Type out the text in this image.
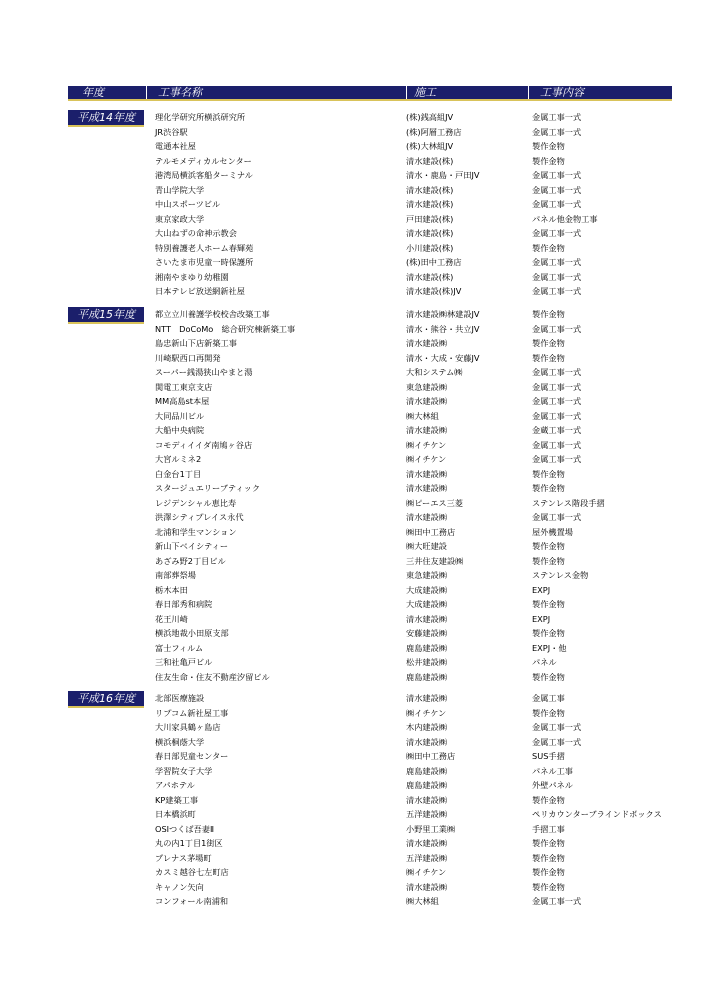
年度	工事名称	施工	工事内容
平成14年度	理化学研究所横浜研究所	(株)銭高組JV	金属工事一式
JR渋谷駅	(株)阿層工務店	金属工事一式
電通本社屋	(株)大林組JV	製作金物
テルモメディカルセンター	清水建設(株)	製作金物
港湾局横浜客船ターミナル	清水・鹿島・戸田JV	金属工事一式
青山学院大学	清水建設(株)	金属工事一式
中山スポーツビル	清水建設(株)	金属工事一式
東京家政大学	戸田建設(株)	パネル他金物工事
大山ねずの命神示教会	清水建設(株)	金属工事一式
特別養護老人ホーム春輝苑	小川建設(株)	製作金物
さいたま市児童一時保護所	(株)田中工務店	金属工事一式
湘南やまゆり幼稚園	清水建設(株)	金属工事一式
日本テレビ放送網新社屋	清水建設(株)JV	金属工事一式
平成15年度	都立立川養護学校校舎改築工事	清水建設㈱林建設JV	製作金物
NTT　DoCoMo　総合研究棟新築工事	清水・熊谷・共立JV	金属工事一式
島忠新山下店新築工事	清水建設㈱	製作金物
川崎駅西口再開発	清水・大成・安藤JV	製作金物
スーパー銭湯狭山やまと湯	大和システム㈱	金属工事一式
関電工東京支店	東急建設㈱	金属工事一式
MM高島st本屋	清水建設㈱	金属工事一式
大同品川ビル	㈱大林組	金属工事一式
大船中央病院	清水建設㈱	金蔵工事一式
コモディイイダ南鳩ヶ谷店	㈱イチケン	金属工事一式
大宮ルミネ2	㈱イチケン	金属工事一式
白金台1丁目	清水建設㈱	製作金物
スタージュエリーブティック	清水建設㈱	製作金物
レジデンシャル恵比寿	㈱ピーエス三菱	ステンレス階段手摺
洪澤シティプレイス永代	清水建設㈱	金属工事一式
北浦和学生マンション	㈱田中工務店	屋外機置場
新山下ベイシティー	㈱大旺建設	製作金物
あざみ野2丁目ビル	三井住友建設㈱	製作金物
南部葬祭場	東急建設㈱	ステンレス金物
栃木本田	大成建設㈱	EXPJ
春日部秀和病院	大成建設㈱	製作金物
花王川崎	清水建設㈱	EXPJ
横浜地裁小田原支部	安藤建設㈱	製作金物
富士フィルム	鹿島建設㈱	EXPJ・他
三和社亀戸ビル	松井建設㈱	パネル
住友生命・住友不動産汐留ビル	鹿島建設㈱	製作金物
平成16年度	北部医療施設	清水建設㈱	金属工事
リプコム新社屋工事	㈱イチケン	製作金物
大川家具鶴ヶ島店	木内建設㈱	金属工事一式
横浜桐蔭大学	清水建設㈱	金属工事一式
春日部児童センター	㈱田中工務店	SUS手摺
学習院女子大学	鹿島建設㈱	パネル工事
アパホテル	鹿島建設㈱	外壁パネル
KP建築工事	清水建設㈱	製作金物
日本橋浜町	五洋建設㈱	ペリカウンターブラインドボックス
OSIつくば吾妻Ⅱ	小野里工業㈱	手摺工事
丸の内1丁目1街区	清水建設㈱	製作金物
プレナス茅場町	五洋建設㈱	製作金物
カスミ越谷七左町店	㈱イチケン	製作金物
キャノン矢向	清水建設㈱	製作金物
コンフォール南浦和	㈱大林組	金属工事一式
